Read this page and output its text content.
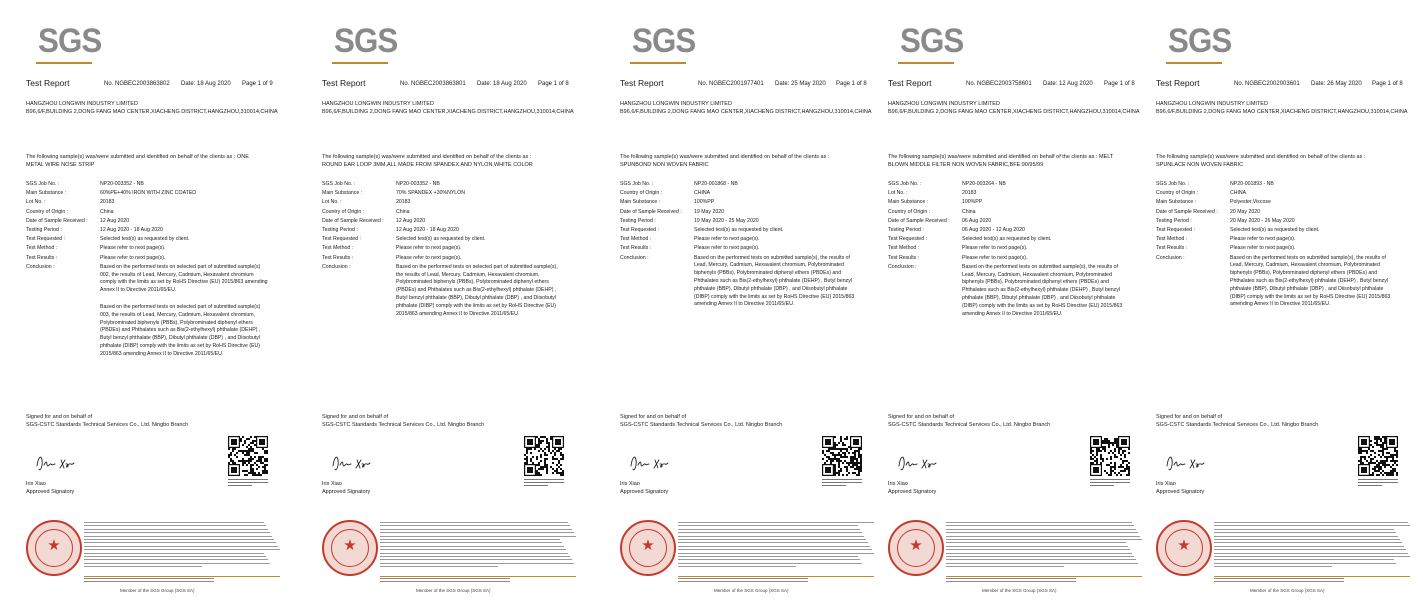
SGS
Test Report	No. NGBEC2003863802 Date: 18 Aug 2020 Page 1 of 9
HANGZHOU LONGWIN INDUSTRY LIMITED
B96,6/F,BUILDING 2,DONG FANG MAO CENTER,XIACHENG DISTRICT,HANGZHOU,310014,CHINA
The following sample(s) was/were submitted and identified on behalf of the clients as : ONE METAL WIRE NOSE STRIP
SGS Job No. :	NP20-003352 - NB
Main Substance :	60%PE+40% IRON WITH ZINC COATED
Lot No. :	20183
Country of Origin :	China
Date of Sample Received :	12 Aug 2020
Testing Period :	12 Aug 2020 - 18 Aug 2020
Test Requested :	Selected test(s) as requested by client.
Test Method :	Please refer to next page(s).
Test Results :	Please refer to next page(s).
Conclusion :	Based on the performed tests on selected part of submitted sample(s) 002, the results of Lead, Mercury, Cadmium, Hexavalent chromium comply with the limits as set by RoHS Directive (EU) 2015/863 amending Annex II to Directive 2011/65/EU.
Based on the performed tests on selected part of submitted sample(s) 003, the results of Lead, Mercury, Cadmium, Hexavalent chromium, Polybrominated biphenyls (PBBs), Polybrominated diphenyl ethers (PBDEs) and Phthalates such as Bis(2-ethylhexyl) phthalate (DEHP) , Butyl benzyl phthalate (BBP), Dibutyl phthalate (DBP) , and Diisobutyl phthalate (DIBP) comply with the limits as set by RoHS Directive (EU) 2015/863 amending Annex II to Directive 2011/65/EU.
Signed for and on behalf of
SGS-CSTC Standards Technical Services Co., Ltd. Ningbo Branch
Iris Xiao
Approved Signatory
★
Member of the SGS Group (SGS SA)
SGS
Test Report	No. NGBEC2003863801 Date: 18 Aug 2020 Page 1 of 8
HANGZHOU LONGWIN INDUSTRY LIMITED
B96,6/F,BUILDING 2,DONG FANG MAO CENTER,XIACHENG DISTRICT,HANGZHOU,310014,CHINA
The following sample(s) was/were submitted and identified on behalf of the clients as : ROUND EAR LOOP 3MM,ALL MADE FROM SPANDEX AND NYLON,WHITE COLOR
SGS Job No. :	NP20-003352 - NB
Main Substance :	70% SPANDEX +30%NYLON
Lot No. :	20183
Country of Origin :	China
Date of Sample Received :	12 Aug 2020
Testing Period :	12 Aug 2020 - 18 Aug 2020
Test Requested :	Selected test(s) as requested by client.
Test Method :	Please refer to next page(s).
Test Results :	Please refer to next page(s).
Conclusion :	Based on the performed tests on selected part of submitted sample(s), the results of Lead, Mercury, Cadmium, Hexavalent chromium, Polybrominated biphenyls (PBBs), Polybrominated diphenyl ethers (PBDEs) and Phthalates such as Bis(2-ethylhexyl) phthalate (DEHP) , Butyl benzyl phthalate (BBP), Dibutyl phthalate (DBP) , and Diisobutyl phthalate (DIBP) comply with the limits as set by RoHS Directive (EU) 2015/863 amending Annex II to Directive 2011/65/EU.
Signed for and on behalf of
SGS-CSTC Standards Technical Services Co., Ltd. Ningbo Branch
Iris Xiao
Approved Signatory
★
Member of the SGS Group (SGS SA)
SGS
Test Report	No. NGBEC2001977401 Date: 25 May 2020 Page 1 of 8
HANGZHOU LONGWIN INDUSTRY LIMITED
B96,6/F,BUILDING 2,DONG FANG MAO CENTER,XIACHENG DISTRICT,HANGZHOU,310014,CHINA
The following sample(s) was/were submitted and identified on behalf of the clients as : SPUNBOND NON WOVEN FABRIC
SGS Job No. :	NP20-001868 - NB
Country of Origin :	CHINA
Main Substance :	100%PP
Date of Sample Received :	19 May 2020
Testing Period :	19 May 2020 - 25 May 2020
Test Requested :	Selected test(s) as requested by client.
Test Method :	Please refer to next page(s).
Test Results :	Please refer to next page(s).
Conclusion :	Based on the performed tests on submitted sample(s), the results of Lead, Mercury, Cadmium, Hexavalent chromium, Polybrominated biphenyls (PBBs), Polybrominated diphenyl ethers (PBDEs) and Phthalates such as Bis(2-ethylhexyl) phthalate (DEHP) , Butyl benzyl phthalate (BBP), Dibutyl phthalate (DBP) , and Diisobutyl phthalate (DIBP) comply with the limits as set by RoHS Directive (EU) 2015/863 amending Annex II to Directive 2011/65/EU.
Signed for and on behalf of
SGS-CSTC Standards Technical Services Co., Ltd. Ningbo Branch
Iris Xiao
Approved Signatory
★
Member of the SGS Group (SGS SA)
SGS
Test Report	No. NGBEC2003758601 Date: 12 Aug 2020 Page 1 of 8
HANGZHOU LONGWIN INDUSTRY LIMITED
B96,6/F,BUILDING 2,DONG FANG MAO CENTER,XIACHENG DISTRICT,HANGZHOU,310014,CHINA
The following sample(s) was/were submitted and identified on behalf of the clients as : MELT BLOWN MIDDLE FILTER NON WOVEN FABRIC,BFE:90/95/99
SGS Job No. :	NP20-003264 - NB
Lot No. :	20183
Main Substance :	100%PP
Country of Origin :	China
Date of Sample Received :	06 Aug 2020
Testing Period :	06 Aug 2020 - 12 Aug 2020
Test Requested :	Selected test(s) as requested by client.
Test Method :	Please refer to next page(s).
Test Results :	Please refer to next page(s).
Conclusion :	Based on the performed tests on submitted sample(s), the results of Lead, Mercury, Cadmium, Hexavalent chromium, Polybrominated biphenyls (PBBs), Polybrominated diphenyl ethers (PBDEs) and Phthalates such as Bis(2-ethylhexyl) phthalate (DEHP) , Butyl benzyl phthalate (BBP), Dibutyl phthalate (DBP) , and Diisobutyl phthalate (DIBP) comply with the limits as set by RoHS Directive (EU) 2015/863 amending Annex II to Directive 2011/65/EU.
Signed for and on behalf of
SGS-CSTC Standards Technical Services Co., Ltd. Ningbo Branch
Iris Xiao
Approved Signatory
★
Member of the SGS Group (SGS SA)
SGS
Test Report	No. NGBEC2002003601 Date: 26 May 2020 Page 1 of 8
HANGZHOU LONGWIN INDUSTRY LIMITED
B96,6/F,BUILDING 2,DONG FANG MAO CENTER,XIACHENG DISTRICT,HANGZHOU,310014,CHINA
The following sample(s) was/were submitted and identified on behalf of the clients as : SPUNLACE NON WOVEN FABRIC
SGS Job No. :	NP20-001893 - NB
Country of Origin :	CHINA
Main Substance :	Polyester,Viscose
Date of Sample Received :	20 May 2020
Testing Period :	20 May 2020 - 26 May 2020
Test Requested :	Selected test(s) as requested by client.
Test Method :	Please refer to next page(s).
Test Results :	Please refer to next page(s).
Conclusion :	Based on the performed tests on submitted sample(s), the results of Lead, Mercury, Cadmium, Hexavalent chromium, Polybrominated biphenyls (PBBs), Polybrominated diphenyl ethers (PBDEs) and Phthalates such as Bis(2-ethylhexyl) phthalate (DEHP) , Butyl benzyl phthalate (BBP), Dibutyl phthalate (DBP) , and Diisobutyl phthalate (DIBP) comply with the limits as set by RoHS Directive (EU) 2015/863 amending Annex II to Directive 2011/65/EU.
Signed for and on behalf of
SGS-CSTC Standards Technical Services Co., Ltd. Ningbo Branch
Iris Xiao
Approved Signatory
★
Member of the SGS Group (SGS SA)
